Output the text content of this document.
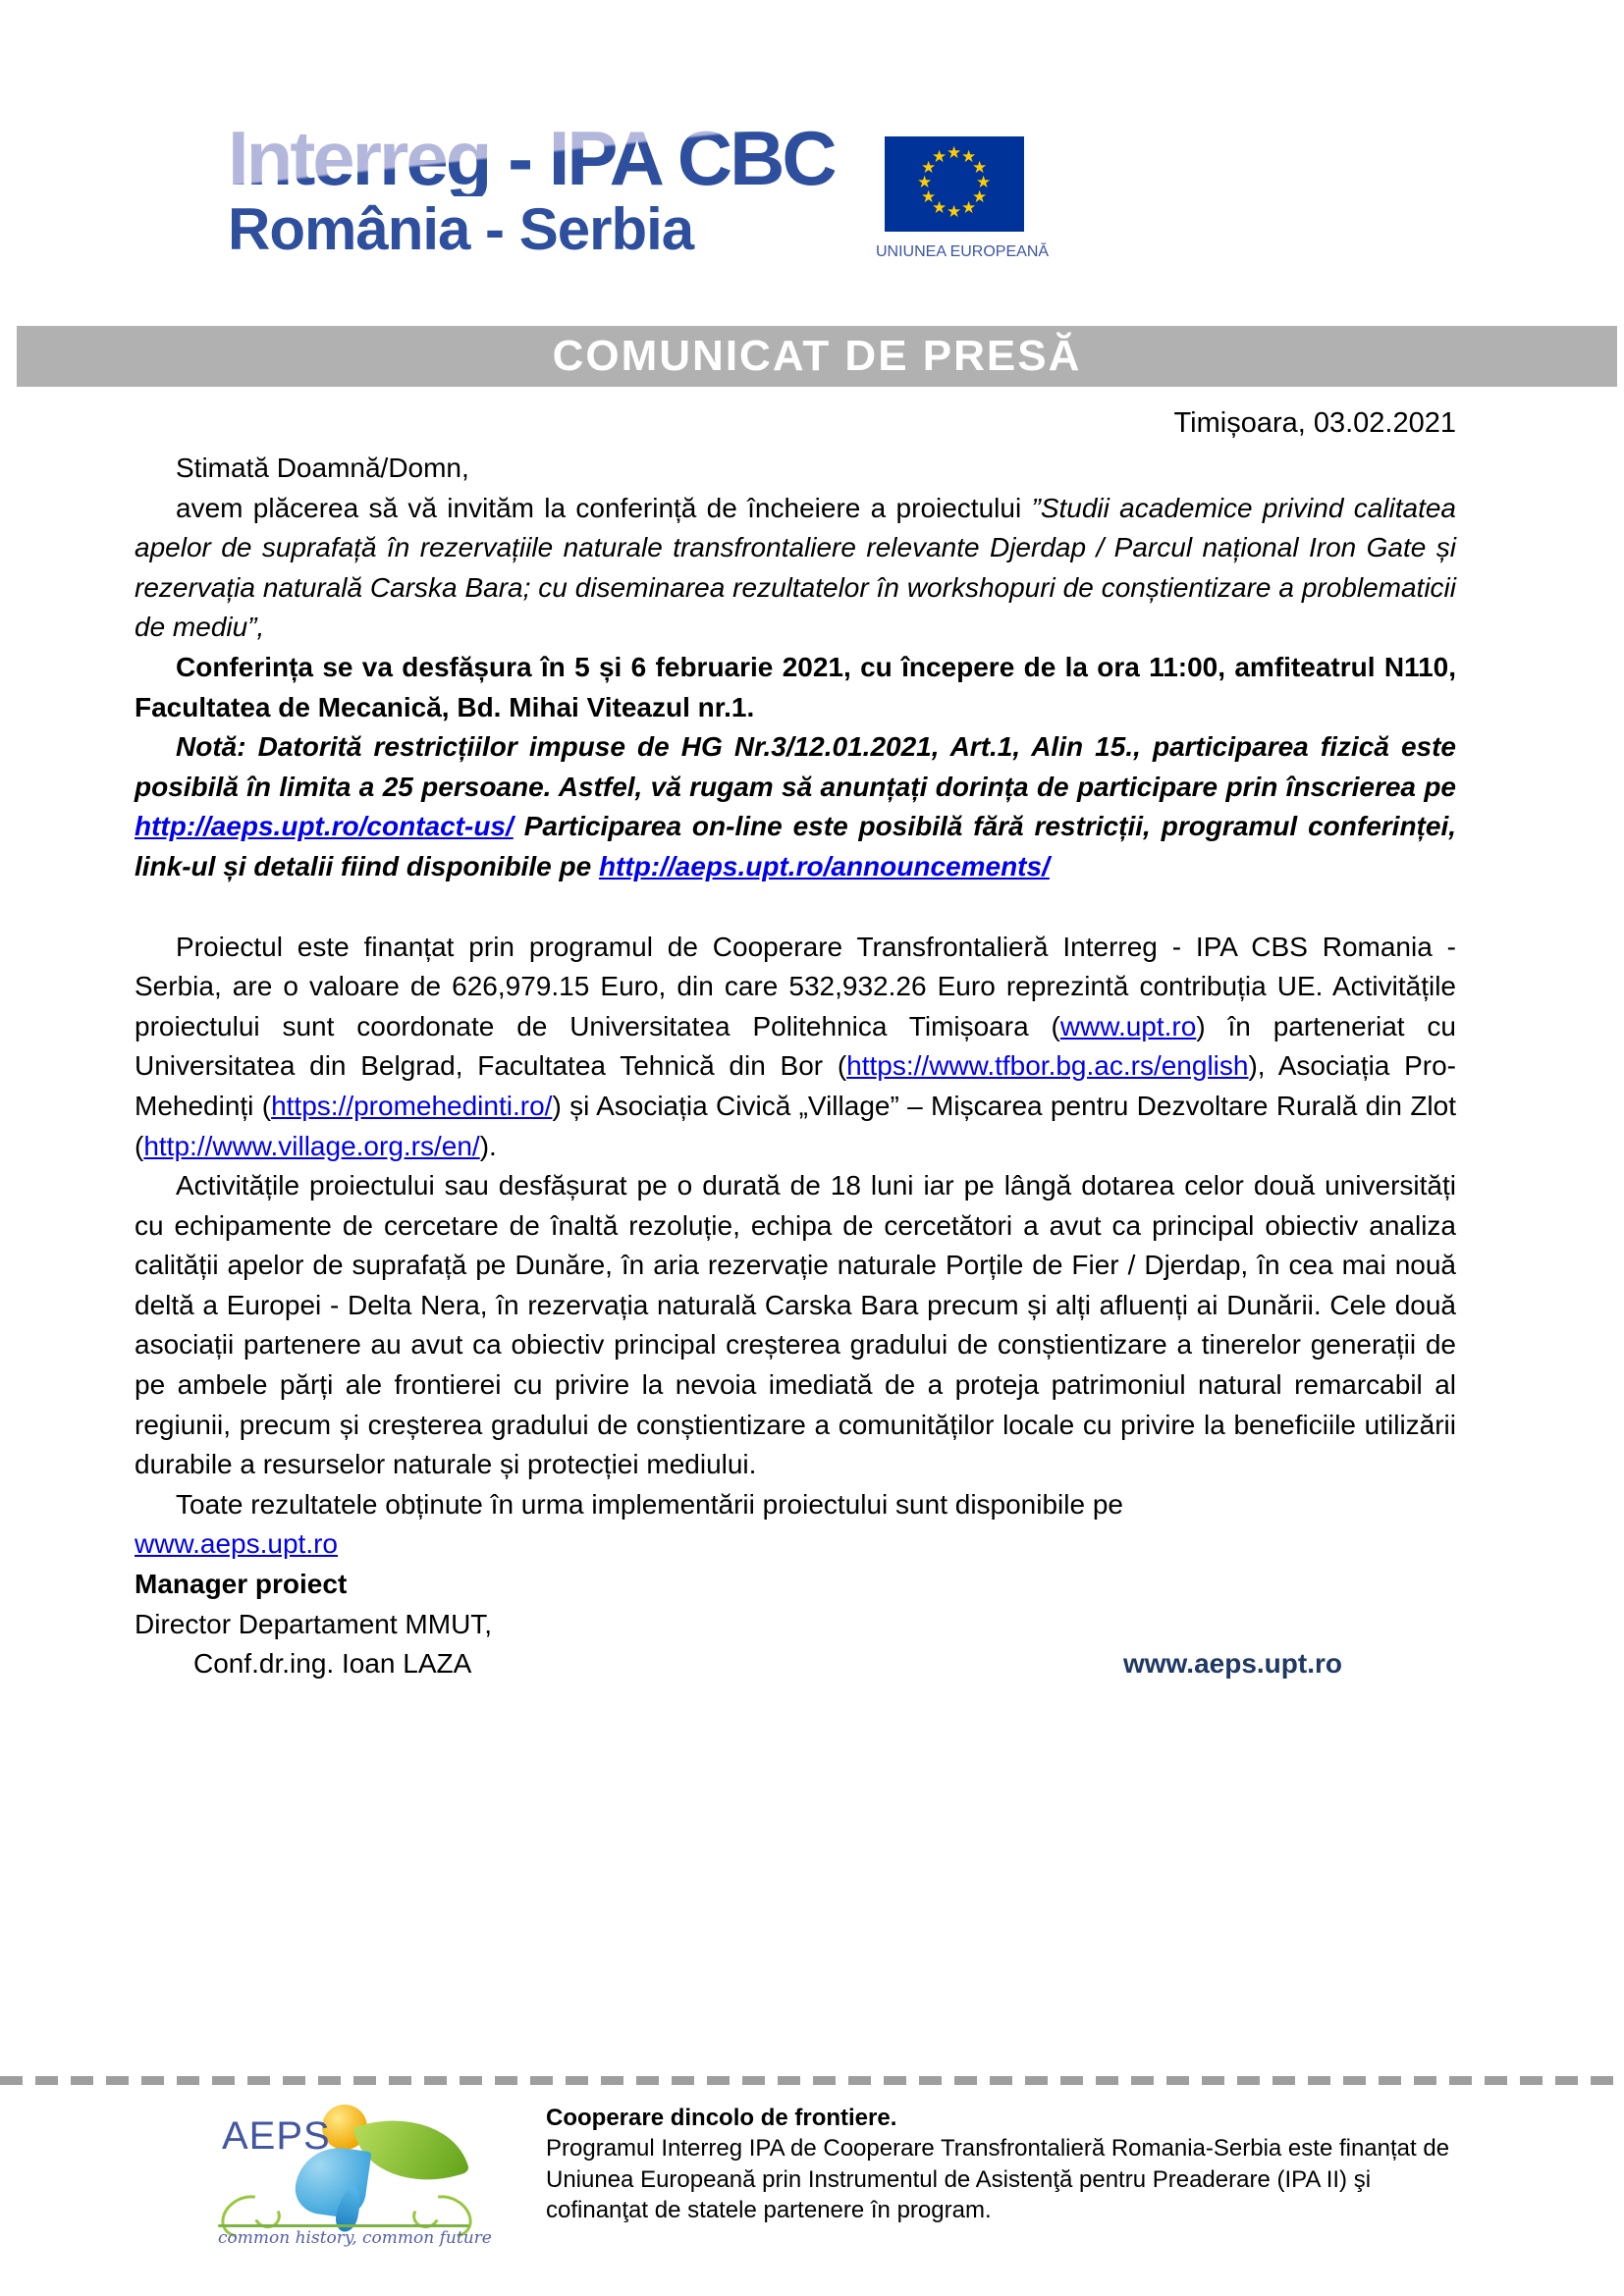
Interreg - IPA CBC
România - Serbia
★ ★
★
★
★
★
★
★
★
★
★
★
UNIUNEA EUROPEANĂ
COMUNICAT DE PRESĂ
Timișoara, 03.02.2021

Stimată Doamnă/Domn,

avem plăcerea să vă invităm la conferință de încheiere a proiectului ”Studii academice privind calitatea apelor de suprafață în rezervațiile naturale transfrontaliere relevante Djerdap / Parcul național Iron Gate și rezervația naturală Carska Bara; cu diseminarea rezultatelor în workshopuri de conștientizare a problematicii de mediu”,

Conferința se va desfășura în 5 și 6 februarie 2021, cu începere de la ora 11:00, amfiteatrul N110, Facultatea de Mecanică, Bd. Mihai Viteazul nr.1.

Notă: Datorită restricțiilor impuse de HG Nr.3/12.01.2021, Art.1, Alin 15., participarea fizică este posibilă în limita a 25 persoane. Astfel, vă rugam să anunțați dorința de participare prin înscrierea pe http://aeps.upt.ro/contact-us/ Participarea on-line este posibilă fără restricții, programul conferinței, link-ul și detalii fiind disponibile pe http://aeps.upt.ro/announcements/

Proiectul este finanțat prin programul de Cooperare Transfrontalieră Interreg - IPA CBS Romania - Serbia, are o valoare de 626,979.15 Euro, din care 532,932.26 Euro reprezintă contribuția UE. Activitățile proiectului sunt coordonate de Universitatea Politehnica Timișoara (www.upt.ro) în parteneriat cu Universitatea din Belgrad, Facultatea Tehnică din Bor (https://www.tfbor.bg.ac.rs/english), Asociația Pro-Mehedinți (https://promehedinti.ro/) și Asociația Civică „Village” – Mișcarea pentru Dezvoltare Rurală din Zlot (http://www.village.org.rs/en/).

Activitățile proiectului sau desfășurat pe o durată de 18 luni iar pe lângă dotarea celor două universități cu echipamente de cercetare de înaltă rezoluție, echipa de cercetători a avut ca principal obiectiv analiza calității apelor de suprafață pe Dunăre, în aria rezervație naturale Porțile de Fier / Djerdap, în cea mai nouă deltă a Europei - Delta Nera, în rezervația naturală Carska Bara precum și alți afluenți ai Dunării. Cele două asociații partenere au avut ca obiectiv principal creșterea gradului de conștientizare a tinerelor generații de pe ambele părți ale frontierei cu privire la nevoia imediată de a proteja patrimoniul natural remarcabil al regiunii, precum și creșterea gradului de conștientizare a comunităților locale cu privire la beneficiile utilizării durabile a resurselor naturale și protecției mediului.

Toate rezultatele obținute în urma implementării proiectului sunt disponibile pe
www.aeps.upt.ro

Manager proiect

Director Departament MMUT,

Conf.dr.ing. Ioan LAZA	www.aeps.upt.ro
AEPS
common history, common future

Cooperare dincolo de frontiere.

Programul Interreg IPA de Cooperare Transfrontalieră Romania-Serbia este finanțat de Uniunea Europeană prin Instrumentul de Asistenţă pentru Preaderare (IPA II) şi cofinanţat de statele partenere în program.
